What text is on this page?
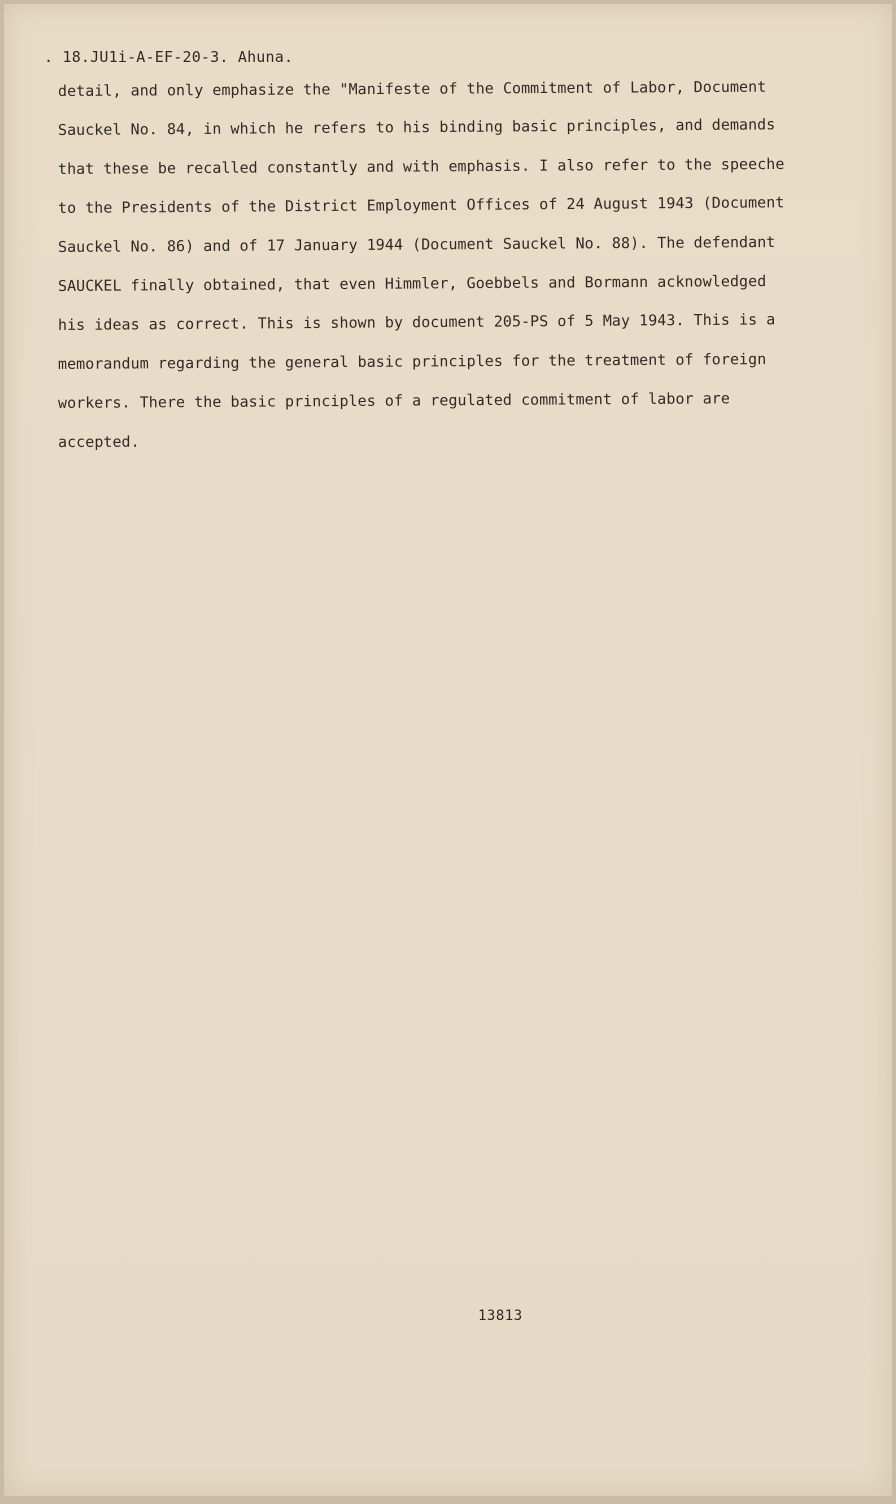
. 18.JU1i-A-EF-20-3. Ahuna.
detail, and only emphasize the "Manifeste of the Commitment of Labor, Document
Sauckel No. 84, in which he refers to his binding basic principles, and demands
that these be recalled constantly and with emphasis. I also refer to the speeche
to the Presidents of the District Employment Offices of 24 August 1943 (Document
Sauckel No. 86) and of 17 January 1944 (Document Sauckel No. 88). The defendant
SAUCKEL finally obtained, that even Himmler, Goebbels and Bormann acknowledged
his ideas as correct. This is shown by document 205-PS of 5 May 1943. This is a
memorandum regarding the general basic principles for the treatment of foreign
workers. There the basic principles of a regulated commitment of labor are
accepted.
13813
